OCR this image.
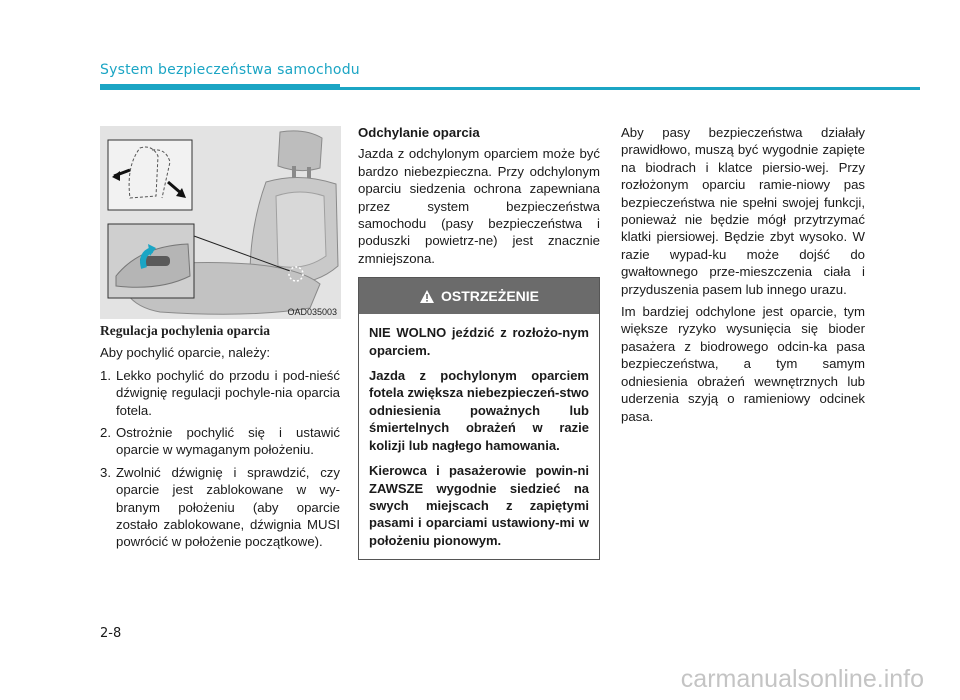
System bezpieczeństwa samochodu
OAD035003
Regulacja pochylenia oparcia

Aby pochylić oparcie, należy:

1. Lekko pochylić do przodu i pod-nieść dźwignię regulacji pochyle-nia oparcia fotela.
2. Ostrożnie pochylić się i ustawić oparcie w wymaganym położeniu.
3. Zwolnić dźwignię i sprawdzić, czy oparcie jest zablokowane w wy-branym położeniu (aby oparcie zostało zablokowane, dźwignia MUSI powrócić w położenie początkowe).
Odchylanie oparcia

Jazda z odchylonym oparciem może być bardzo niebezpieczna. Przy odchylonym oparciu siedzenia ochrona zapewniana przez system bezpieczeństwa samochodu (pasy bezpieczeństwa i poduszki powietrz-ne) jest znacznie zmniejszona.

OSTRZEŻENIE

NIE WOLNO jeździć z rozłożo-nym oparciem.

Jazda z pochylonym oparciem fotela zwiększa niebezpieczeń-stwo odniesienia poważnych lub śmiertelnych obrażeń w razie kolizji lub nagłego hamowania.

Kierowca i pasażerowie powin-ni ZAWSZE wygodnie siedzieć na swych miejscach z zapiętymi pasami i oparciami ustawiony-mi w położeniu pionowym.

Aby pasy bezpieczeństwa działały prawidłowo, muszą być wygodnie zapięte na biodrach i klatce piersio-wej. Przy rozłożonym oparciu ramie-niowy pas bezpieczeństwa nie spełni swojej funkcji, ponieważ nie będzie mógł przytrzymać klatki piersiowej. Będzie zbyt wysoko. W razie wypad-ku może dojść do gwałtownego prze-mieszczenia ciała i przyduszenia pasem lub innego urazu.

Im bardziej odchylone jest oparcie, tym większe ryzyko wysunięcia się bioder pasażera z biodrowego odcin-ka pasa bezpieczeństwa, a tym samym odniesienia obrażeń wewnętrznych lub uderzenia szyją o ramieniowy odcinek pasa.

2-8
carmanualsonline.info
